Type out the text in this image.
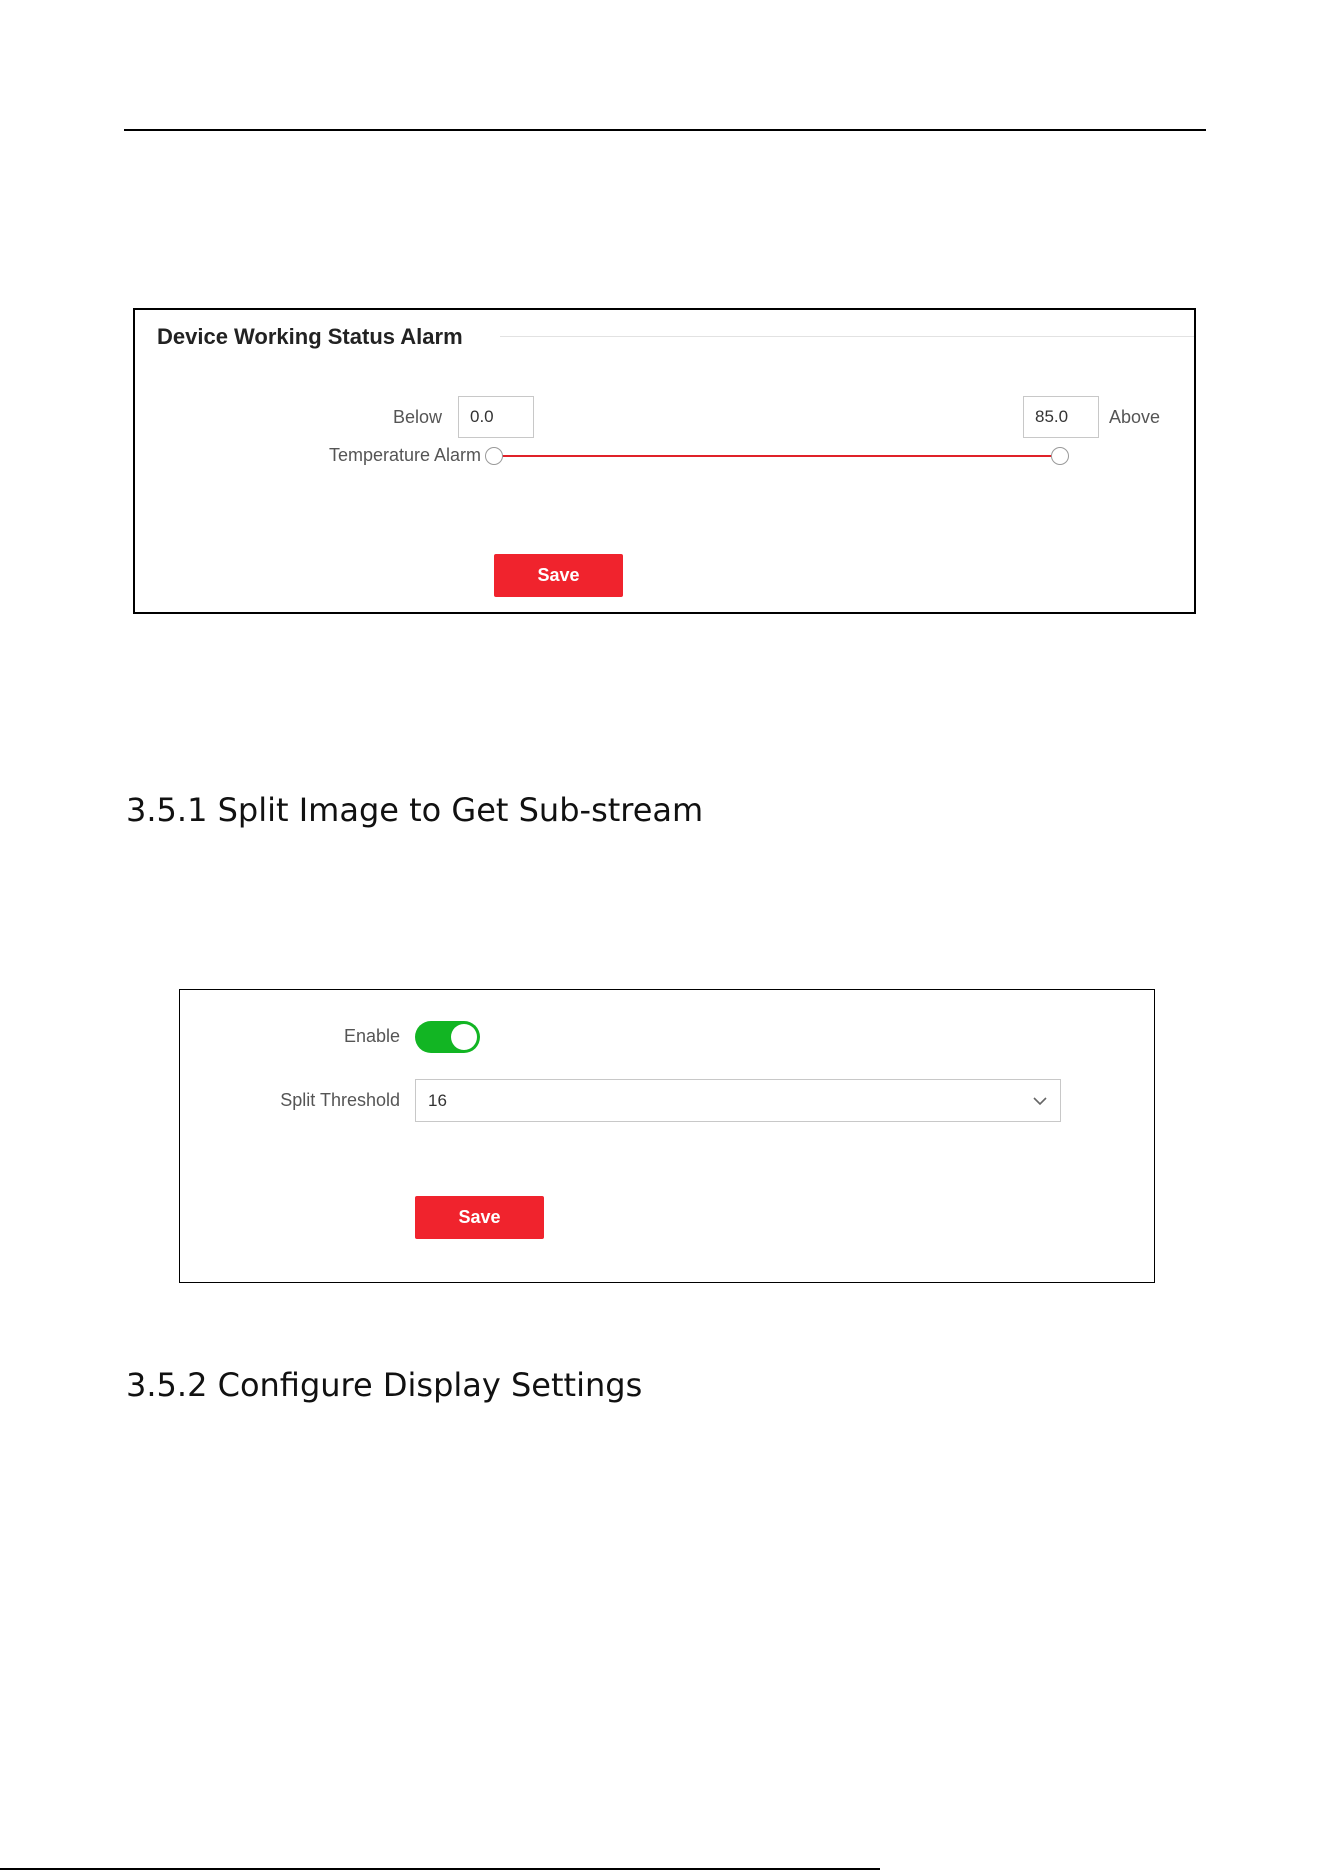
Device Working Status Alarm
Below	0.0	85.0	Above
Temperature Alarm
Save
3.5.1 Split Image to Get Sub-stream
Enable
Split Threshold	16
Save
3.5.2 Configure Display Settings
